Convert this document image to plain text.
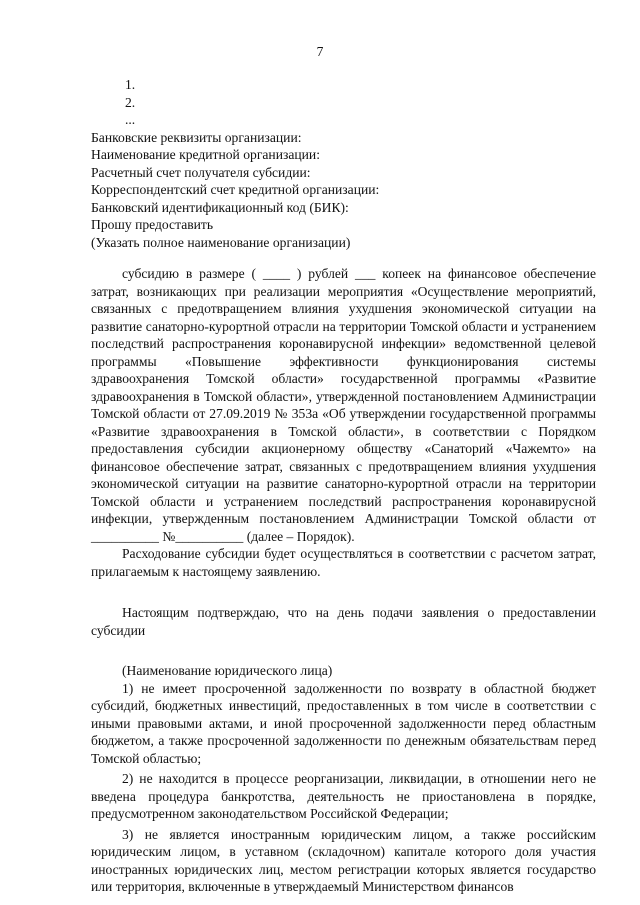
7
1.
2.
...

Банковские реквизиты организации:

Наименование кредитной организации:

Расчетный счет получателя субсидии:

Корреспондентский счет кредитной организации:

Банковский идентификационный код (БИК):

Прошу предоставить

(Указать полное наименование организации)

субсидию в размере ( ____ ) рублей ___ копеек на финансовое обеспечение затрат, возникающих при реализации мероприятия «Осуществление мероприятий, связанных с предотвращением влияния ухудшения экономической ситуации на развитие санаторно-курортной отрасли на территории Томской области и устранением последствий распространения коронавирусной инфекции» ведомственной целевой программы «Повышение эффективности функционирования системы здравоохранения Томской области» государственной программы «Развитие здравоохранения в Томской области», утвержденной постановлением Администрации Томской области от 27.09.2019 № 353а «Об утверждении государственной программы «Развитие здравоохранения в Томской области», в соответствии с Порядком предоставления субсидии акционерному обществу «Санаторий «Чажемто» на финансовое обеспечение затрат, связанных с предотвращением влияния ухудшения экономической ситуации на развитие санаторно-курортной отрасли на территории Томской области и устранением последствий распространения коронавирусной инфекции, утвержденным постановлением Администрации Томской области от __________ №__________ (далее – Порядок).

Расходование субсидии будет осуществляться в соответствии с расчетом затрат, прилагаемым к настоящему заявлению.

Настоящим подтверждаю, что на день подачи заявления о предоставлении субсидии

(Наименование юридического лица)

1) не имеет просроченной задолженности по возврату в областной бюджет субсидий, бюджетных инвестиций, предоставленных в том числе в соответствии с иными правовыми актами, и иной просроченной задолженности перед областным бюджетом, а также просроченной задолженности по денежным обязательствам перед Томской областью;

2) не находится в процессе реорганизации, ликвидации, в отношении него не введена процедура банкротства, деятельность не приостановлена в порядке, предусмотренном законодательством Российской Федерации;

3) не является иностранным юридическим лицом, а также российским юридическим лицом, в уставном (складочном) капитале которого доля участия иностранных юридических лиц, местом регистрации которых является государство или территория, включенные в утверждаемый Министерством финансов
